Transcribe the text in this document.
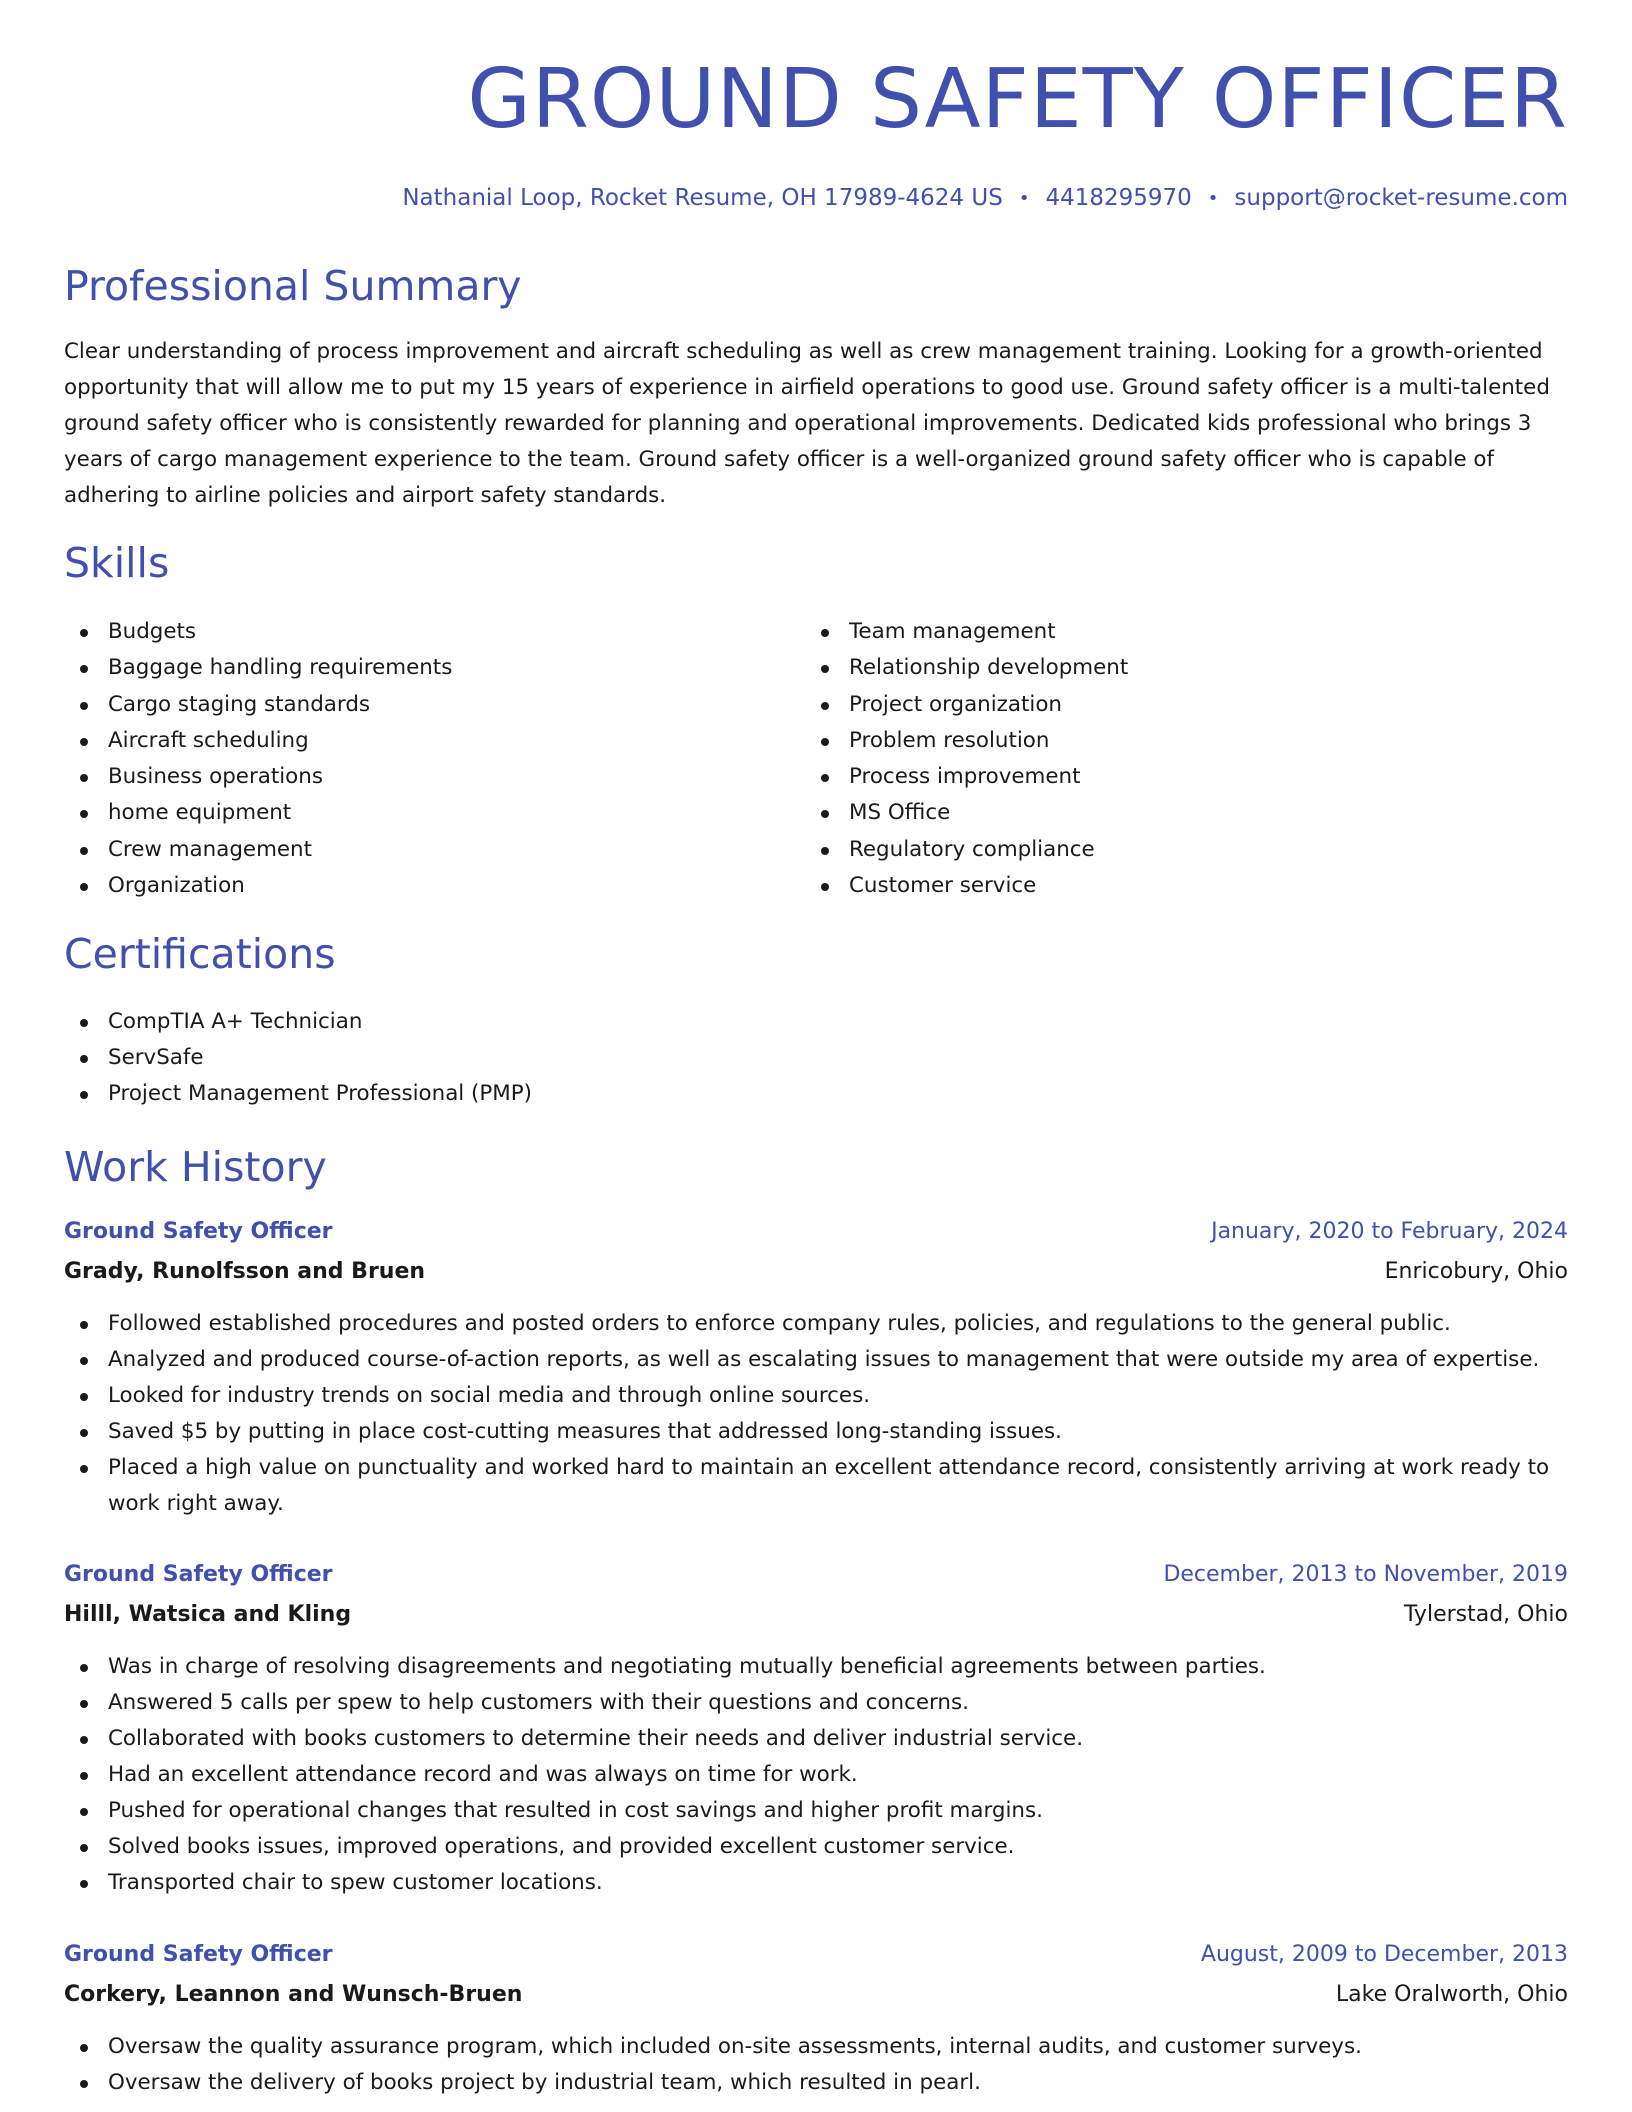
GROUND SAFETY OFFICER
Nathanial Loop, Rocket Resume, OH 17989-4624 US • 4418295970 • support@rocket-resume.com
Professional Summary

Clear understanding of process improvement and aircraft scheduling as well as crew management training. Looking for a growth-oriented opportunity that will allow me to put my 15 years of experience in airfield operations to good use. Ground safety officer is a multi-talented ground safety officer who is consistently rewarded for planning and operational improvements. Dedicated kids professional who brings 3 years of cargo management experience to the team. Ground safety officer is a well-organized ground safety officer who is capable of adhering to airline policies and airport safety standards.

Skills
Budgets
Baggage handling requirements
Cargo staging standards
Aircraft scheduling
Business operations
home equipment
Crew management
Organization
Team management
Relationship development
Project organization
Problem resolution
Process improvement
MS Office
Regulatory compliance
Customer service
Certifications
CompTIA A+ Technician
ServSafe
Project Management Professional (PMP)
Work History
Ground Safety Officer	January, 2020 to February, 2024
Grady, Runolfsson and Bruen	Enricobury, Ohio
Followed established procedures and posted orders to enforce company rules, policies, and regulations to the general public.
Analyzed and produced course-of-action reports, as well as escalating issues to management that were outside my area of expertise.
Looked for industry trends on social media and through online sources.
Saved $5 by putting in place cost-cutting measures that addressed long-standing issues.
Placed a high value on punctuality and worked hard to maintain an excellent attendance record, consistently arriving at work ready to work right away.
Ground Safety Officer	December, 2013 to November, 2019
Hilll, Watsica and Kling	Tylerstad, Ohio
Was in charge of resolving disagreements and negotiating mutually beneficial agreements between parties.
Answered 5 calls per spew to help customers with their questions and concerns.
Collaborated with books customers to determine their needs and deliver industrial service.
Had an excellent attendance record and was always on time for work.
Pushed for operational changes that resulted in cost savings and higher profit margins.
Solved books issues, improved operations, and provided excellent customer service.
Transported chair to spew customer locations.
Ground Safety Officer	August, 2009 to December, 2013
Corkery, Leannon and Wunsch-Bruen	Lake Oralworth, Ohio
Oversaw the quality assurance program, which included on-site assessments, internal audits, and customer surveys.
Oversaw the delivery of books project by industrial team, which resulted in pearl.
